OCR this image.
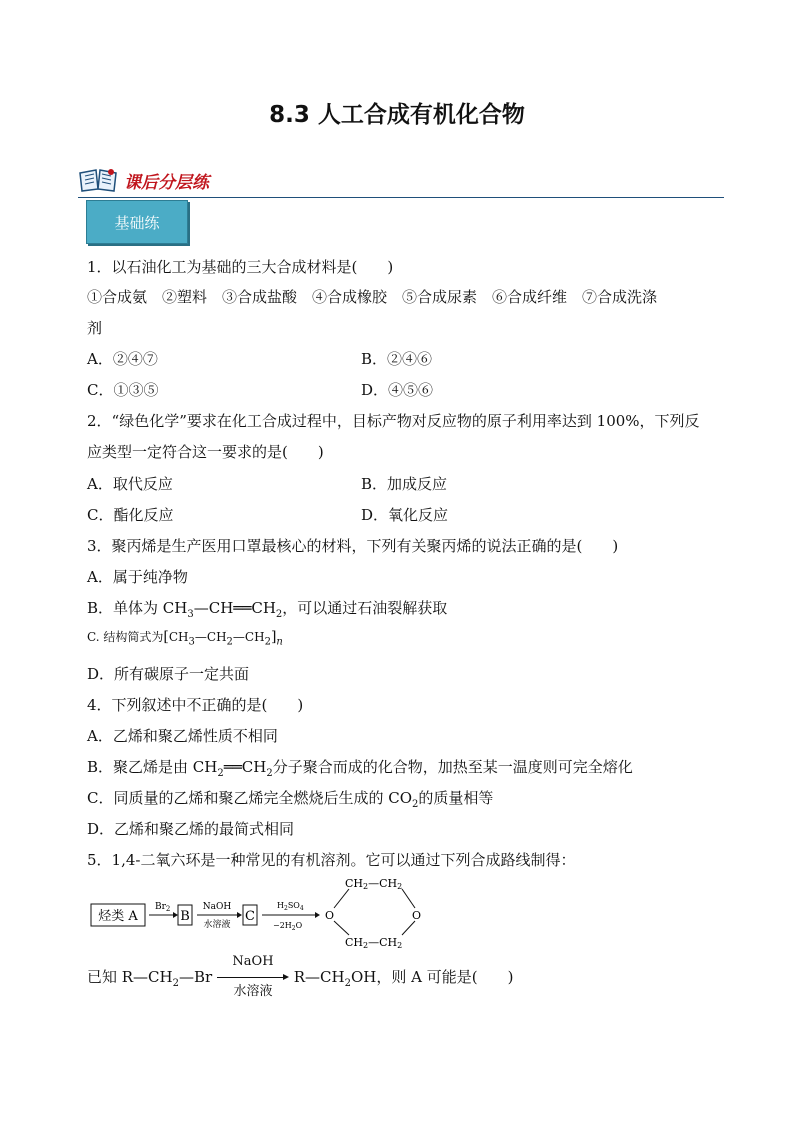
8.3 人工合成有机化合物
课后分层练
基础练
1．以石油化工为基础的三大合成材料是(　　)
①合成氨　②塑料　③合成盐酸　④合成橡胶　⑤合成尿素　⑥合成纤维　⑦合成洗涤
剂
A．②④⑦	B．②④⑥
C．①③⑤	D．④⑤⑥
2．“绿色化学”要求在化工合成过程中，目标产物对反应物的原子利用率达到 100%，下列反
应类型一定符合这一要求的是(　　)
A．取代反应	B．加成反应
C．酯化反应	D．氧化反应
3．聚丙烯是生产医用口罩最核心的材料，下列有关聚丙烯的说法正确的是(　　)
A．属于纯净物
B．单体为 $CH_3—CH══CH_2$，可以通过石油裂解获取
C. 结构简式为$[CH_3—CH_2—CH_2]_n$
D．所有碳原子一定共面
4．下列叙述中不正确的是(　　)
A．乙烯和聚乙烯性质不相同
B．聚乙烯是由 $CH_2══CH_2$分子聚合而成的化合物，加热至某一温度则可完全熔化
C．同质量的乙烯和聚乙烯完全燃烧后生成的 $CO_2$的质量相等
D．乙烯和聚乙烯的最简式相同
5．1,4-二氧六环是一种常见的有机溶剂。它可以通过下列合成路线制得：
烃类 A
$Br_2$ B
NaOH
水溶液
C
$H_2SO_4$
$-2H_2O$
CH2—CH2
CH2—CH2
O	O
已知 $R—CH_2—Br$
NaOH
水溶液
$R—CH_2OH$，则 A 可能是(　　)
